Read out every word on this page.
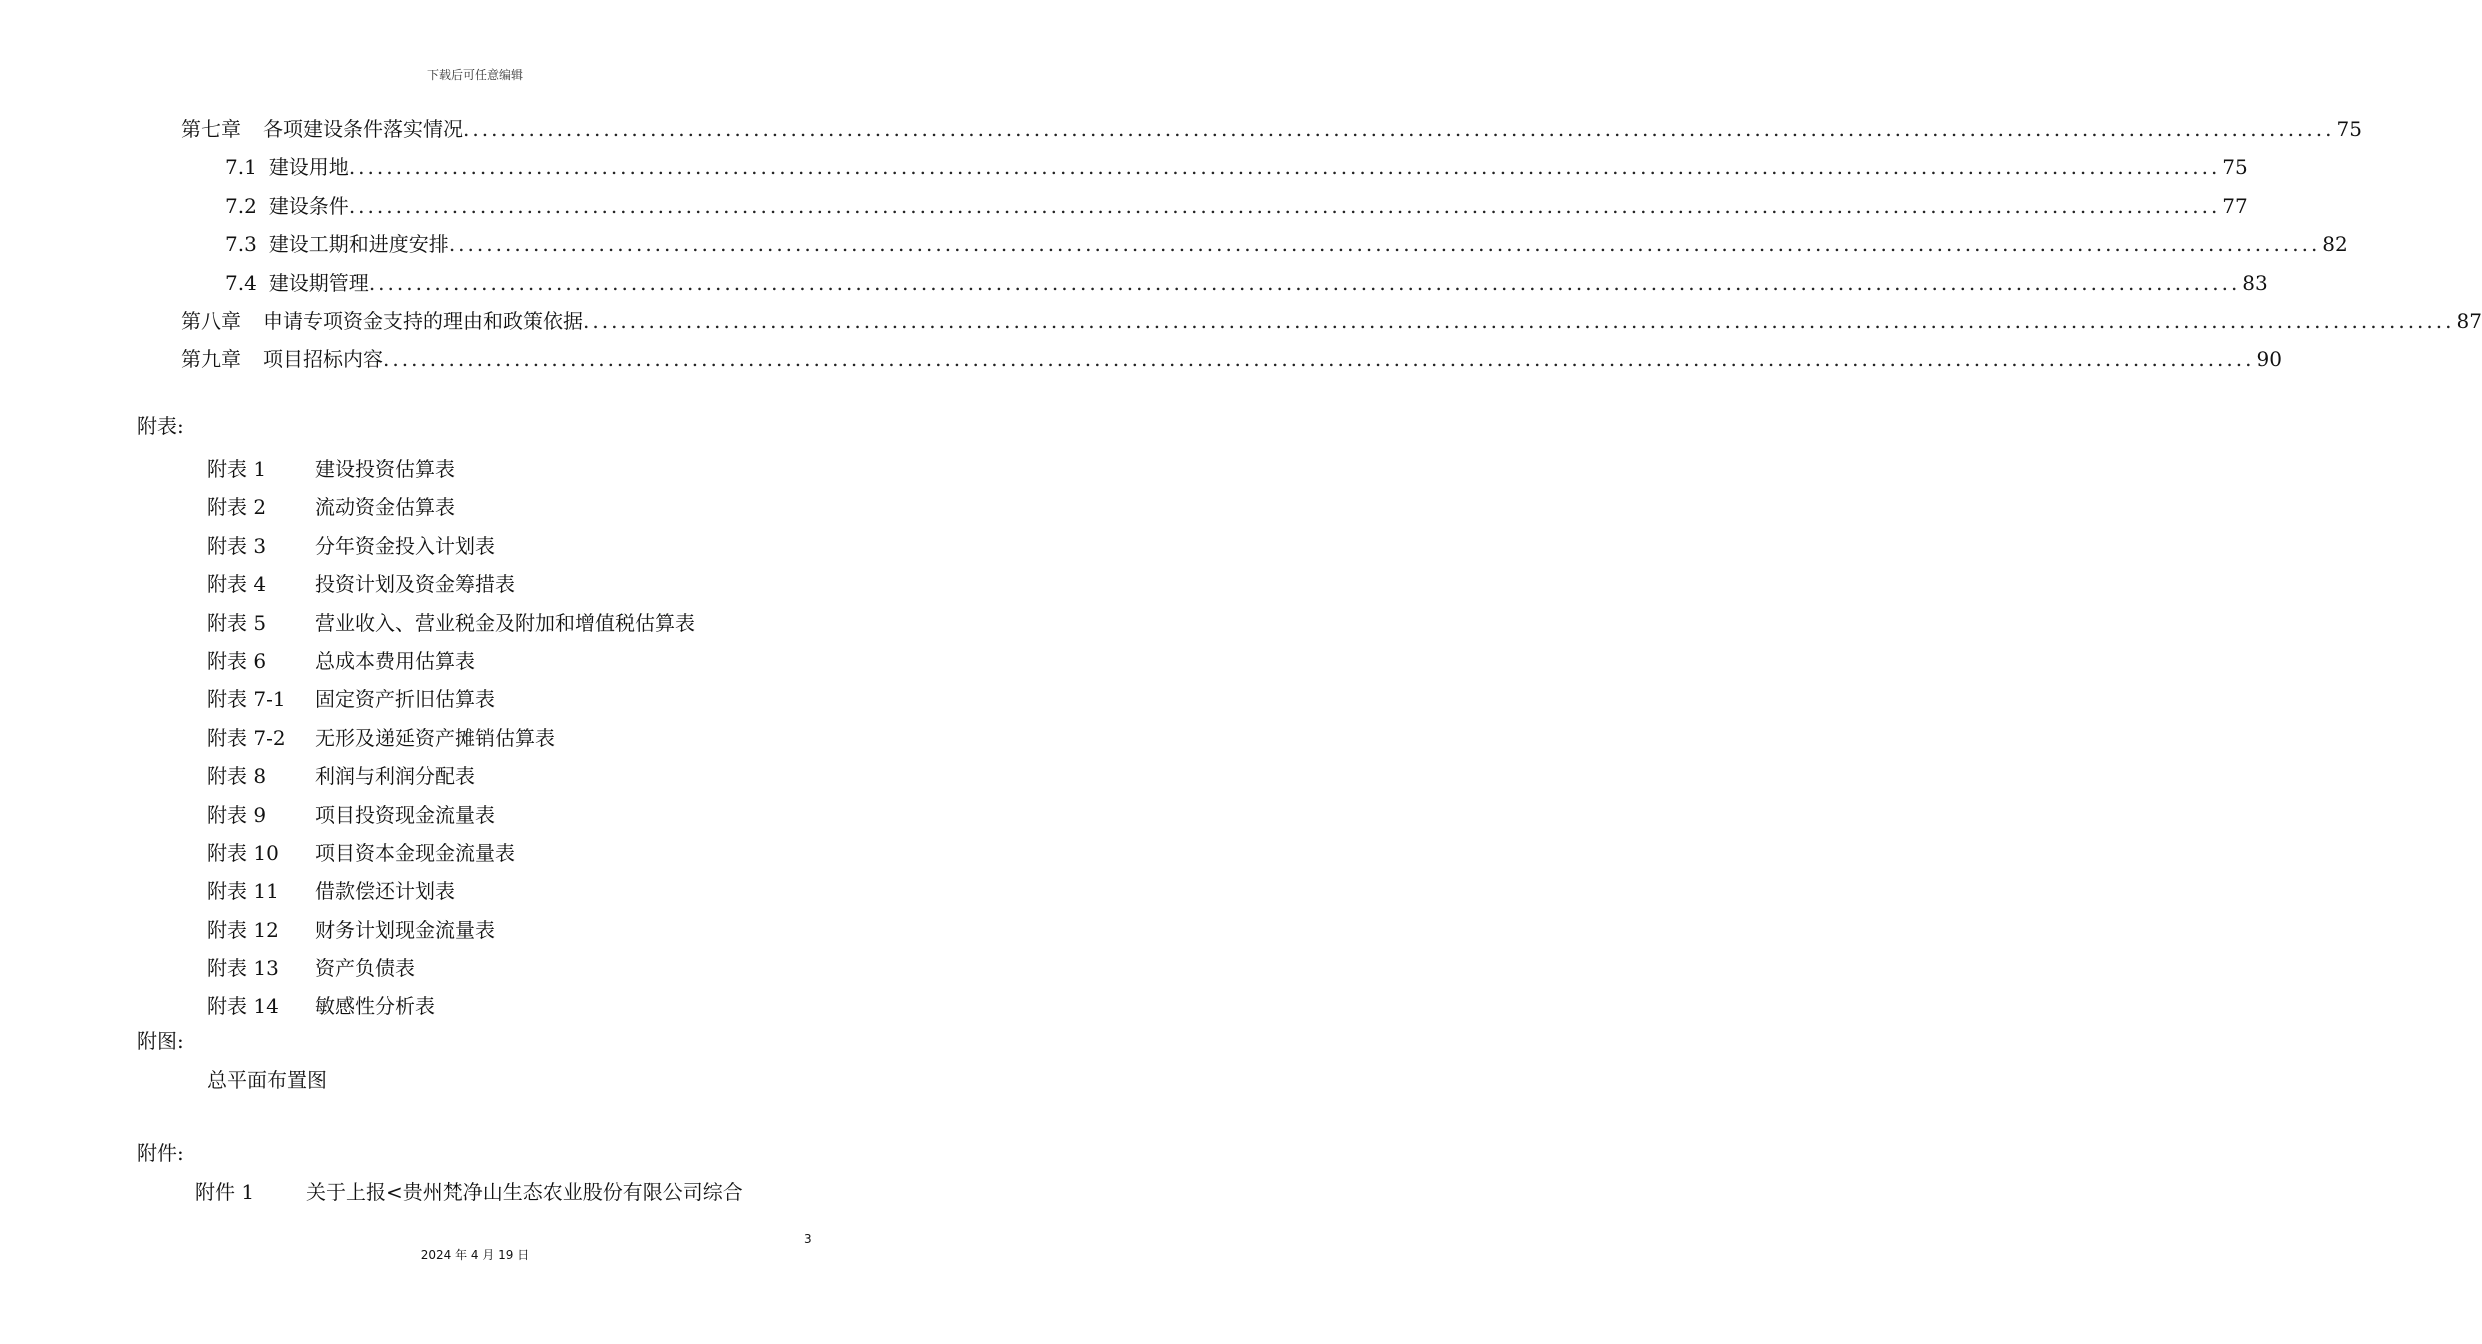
下载后可任意编辑
第七章 各项建设条件落实情况 ........................................................................................................................................................................................................ 75
7.1 建设用地 ........................................................................................................................................................................................................ 75
7.2 建设条件 ........................................................................................................................................................................................................ 77
7.3 建设工期和进度安排 ........................................................................................................................................................................................................ 82
7.4 建设期管理 ........................................................................................................................................................................................................ 83
第八章 申请专项资金支持的理由和政策依据 ........................................................................................................................................................................................................ 87
第九章 项目招标内容 ........................................................................................................................................................................................................ 90
附表:
附表 1	建设投资估算表
附表 2	流动资金估算表
附表 3	分年资金投入计划表
附表 4	投资计划及资金筹措表
附表 5	营业收入、营业税金及附加和增值税估算表
附表 6	总成本费用估算表
附表 7-1	固定资产折旧估算表
附表 7-2	无形及递延资产摊销估算表
附表 8	利润与利润分配表
附表 9	项目投资现金流量表
附表 10	项目资本金现金流量表
附表 11	借款偿还计划表
附表 12	财务计划现金流量表
附表 13	资产负债表
附表 14	敏感性分析表
附图:
总平面布置图
附件:
附件 1	关于上报<贵州梵净山生态农业股份有限公司综合
3
2024 年 4 月 19 日
